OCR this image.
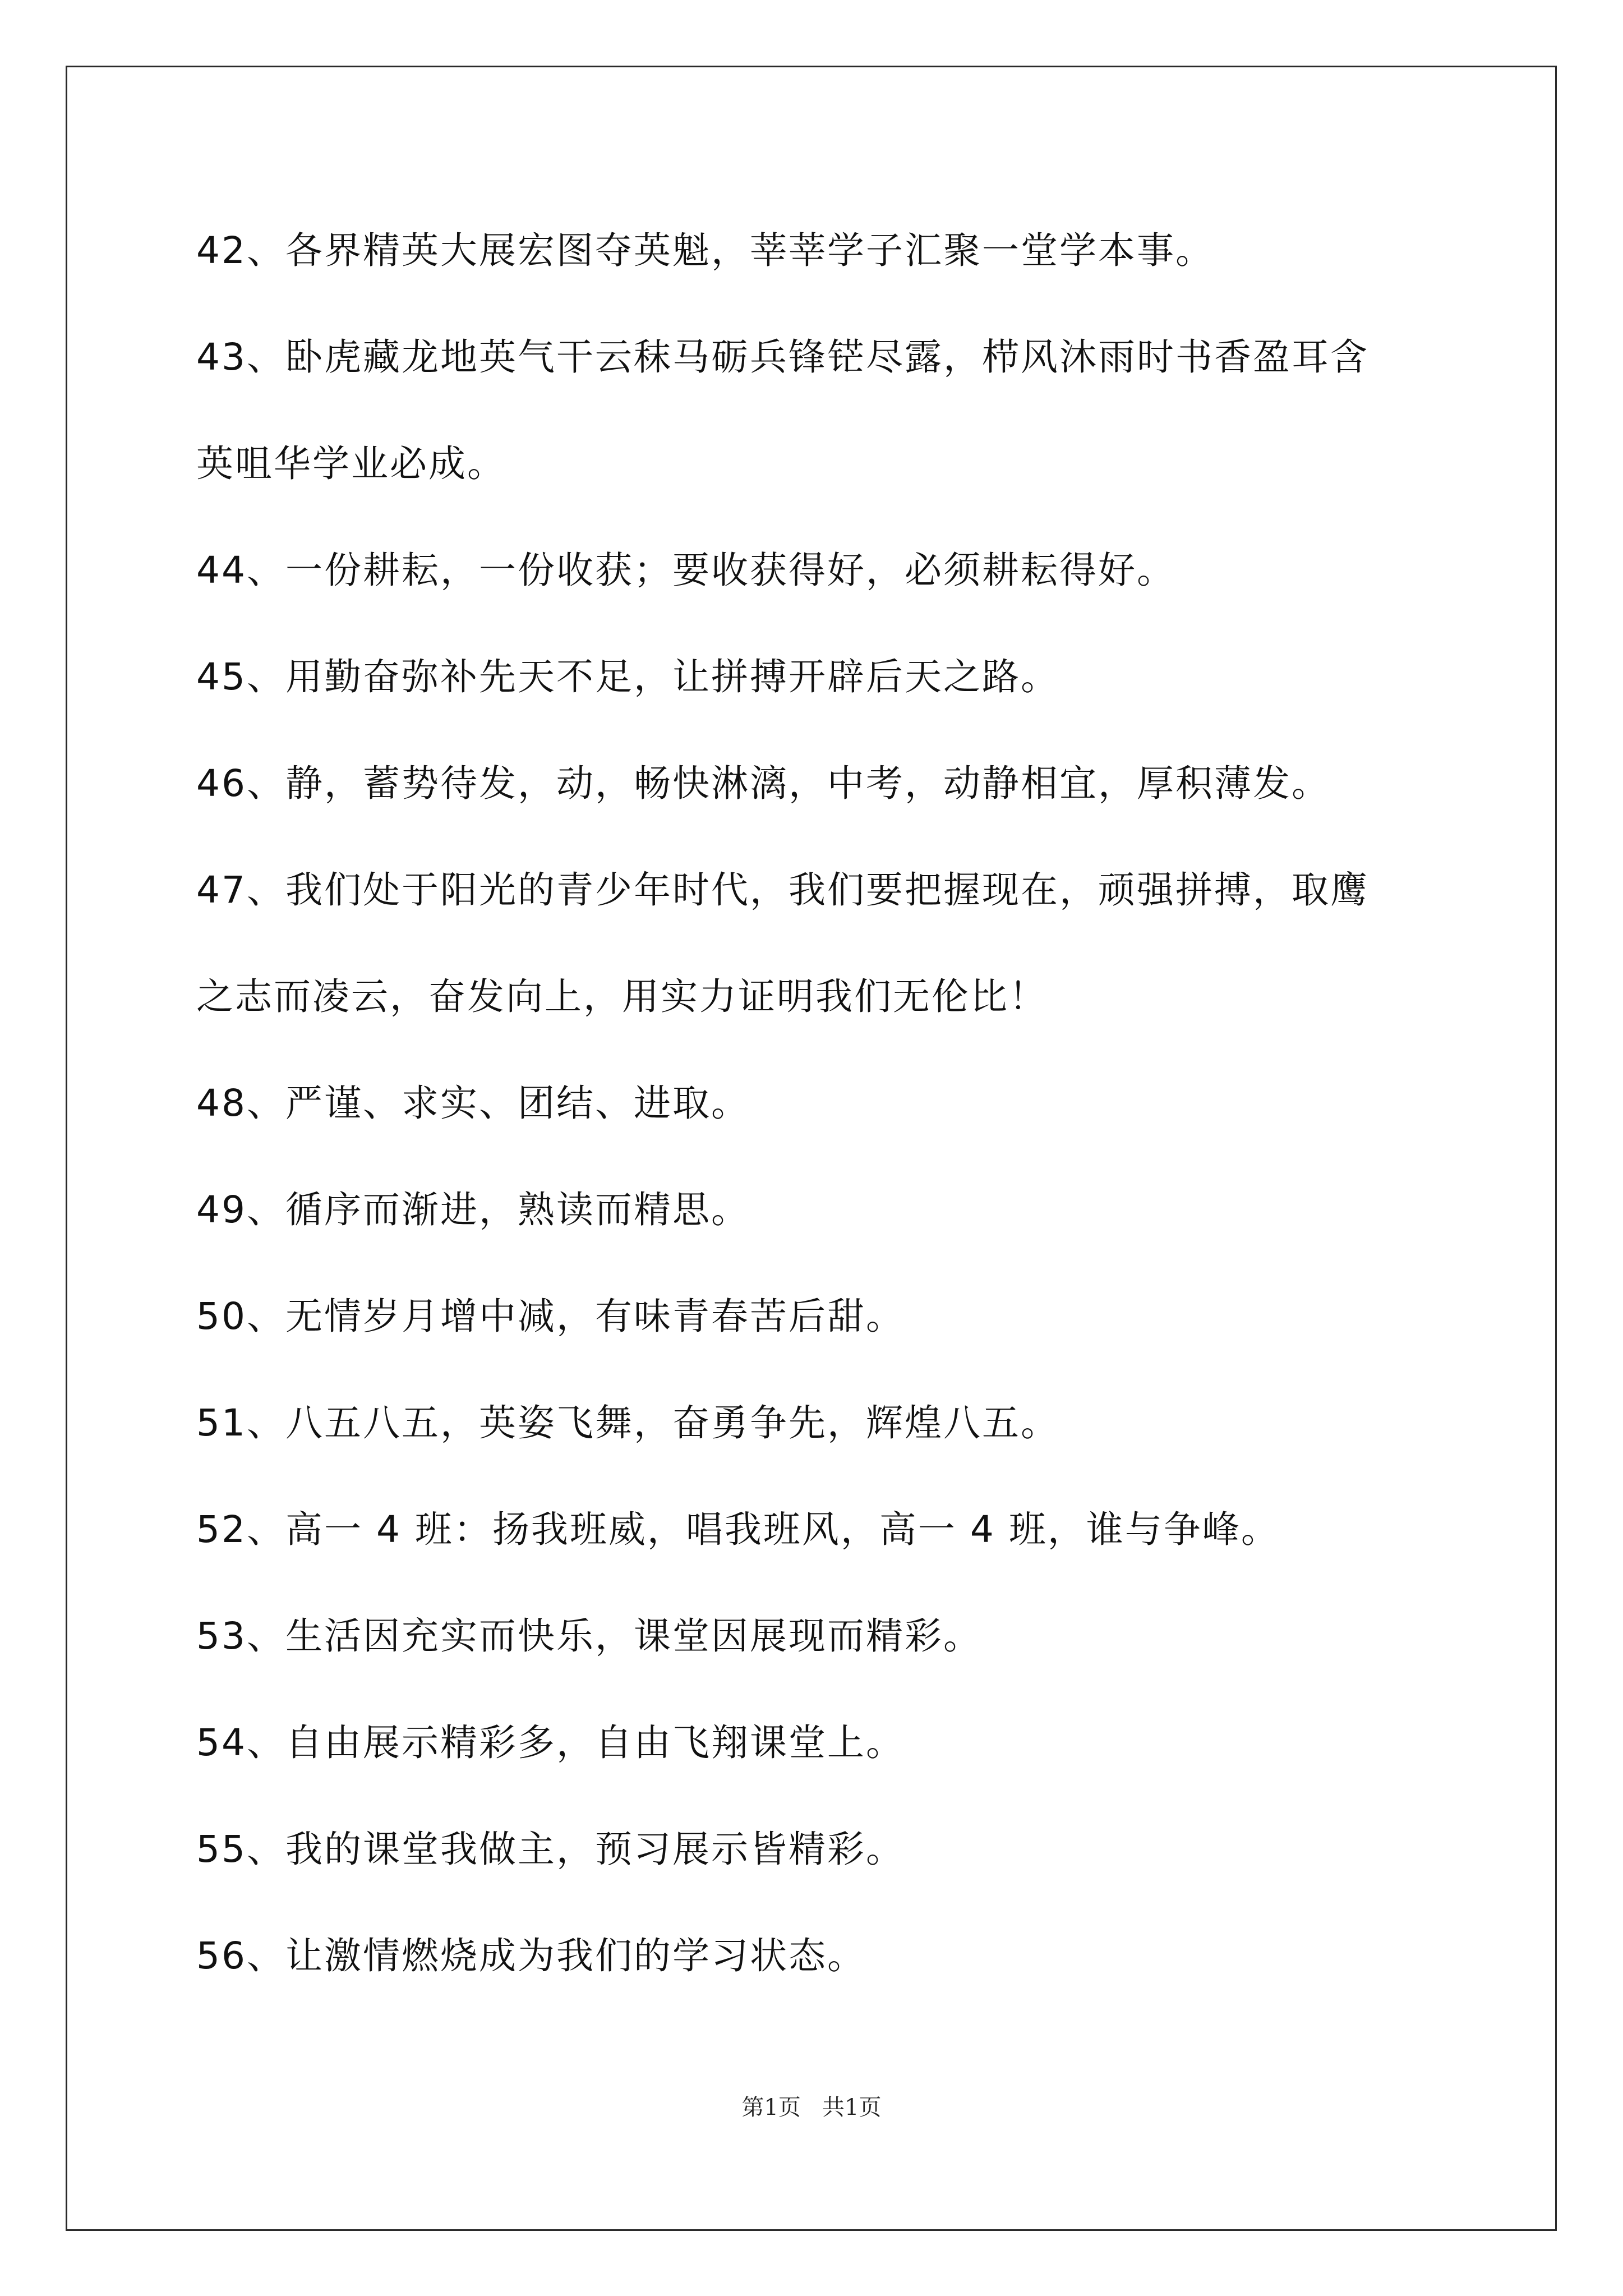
42、各界精英大展宏图夺英魁，莘莘学子汇聚一堂学本事。
43、卧虎藏龙地英气干云秣马砺兵锋铓尽露，栉风沐雨时书香盈耳含
英咀华学业必成。
44、一份耕耘，一份收获；要收获得好，必须耕耘得好。
45、用勤奋弥补先天不足，让拼搏开辟后天之路。
46、静，蓄势待发，动，畅快淋漓，中考，动静相宜，厚积薄发。
47、我们处于阳光的青少年时代，我们要把握现在，顽强拼搏，取鹰
之志而凌云，奋发向上，用实力证明我们无伦比！
48、严谨、求实、团结、进取。
49、循序而渐进，熟读而精思。
50、无情岁月增中减，有味青春苦后甜。
51、八五八五，英姿飞舞，奋勇争先，辉煌八五。
52、高一 4 班：扬我班威，唱我班风，高一 4 班，谁与争峰。
53、生活因充实而快乐，课堂因展现而精彩。
54、自由展示精彩多，自由飞翔课堂上。
55、我的课堂我做主，预习展示皆精彩。
56、让激情燃烧成为我们的学习状态。
第1页   共1页
